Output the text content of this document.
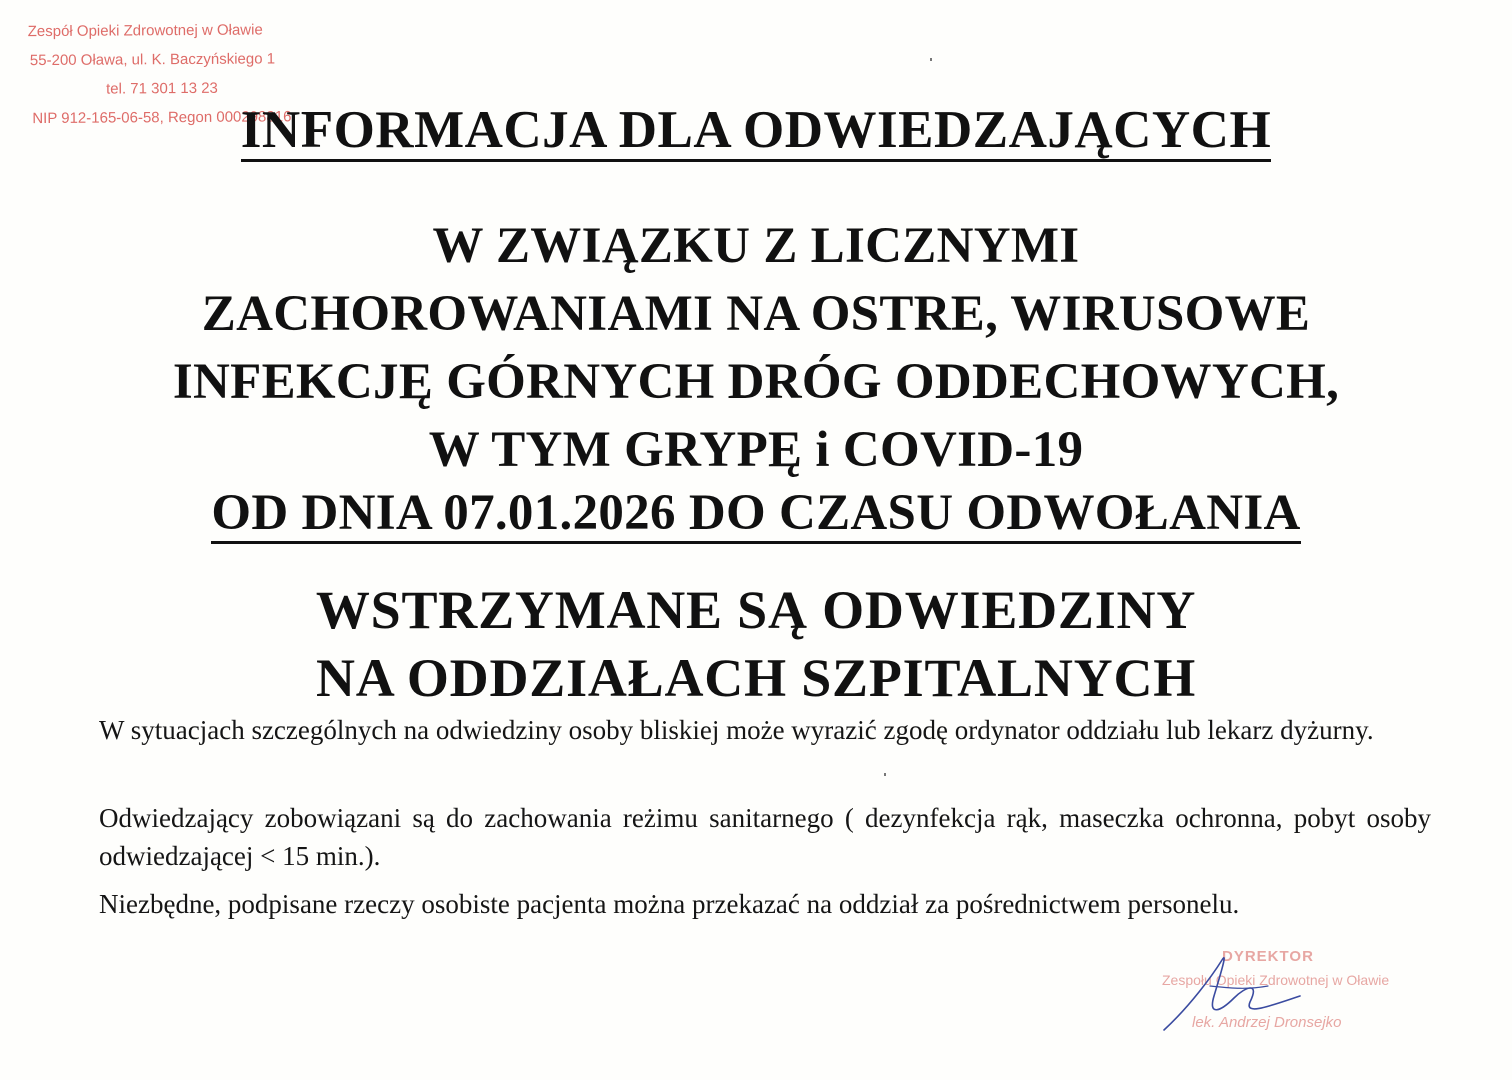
Zespół Opieki Zdrowotnej w Oławie
55-200 Oława, ul. K. Baczyńskiego 1
tel. 71 301 13 23
NIP 912-165-06-58, Regon 000298816
INFORMACJA DLA ODWIEDZAJĄCYCH
W ZWIĄZKU Z LICZNYMI
ZACHOROWANIAMI NA OSTRE, WIRUSOWE
INFEKCJĘ GÓRNYCH DRÓG ODDECHOWYCH,
W TYM GRYPĘ i COVID-19
OD DNIA 07.01.2026 DO CZASU ODWOŁANIA
WSTRZYMANE SĄ ODWIEDZINY
NA ODDZIAŁACH SZPITALNYCH

W sytuacjach szczególnych na odwiedziny osoby bliskiej może wyrazić zgodę ordynator oddziału lub lekarz dyżurny.

Odwiedzający zobowiązani są do zachowania reżimu sanitarnego ( dezynfekcja rąk, maseczka ochronna, pobyt osoby odwiedzającej < 15 min.).

Niezbędne, podpisane rzeczy osobiste pacjenta można przekazać na oddział za pośrednictwem personelu.

DYREKTOR
Zespołu Opieki Zdrowotnej w Oławie
lek. Andrzej Dronsejko
